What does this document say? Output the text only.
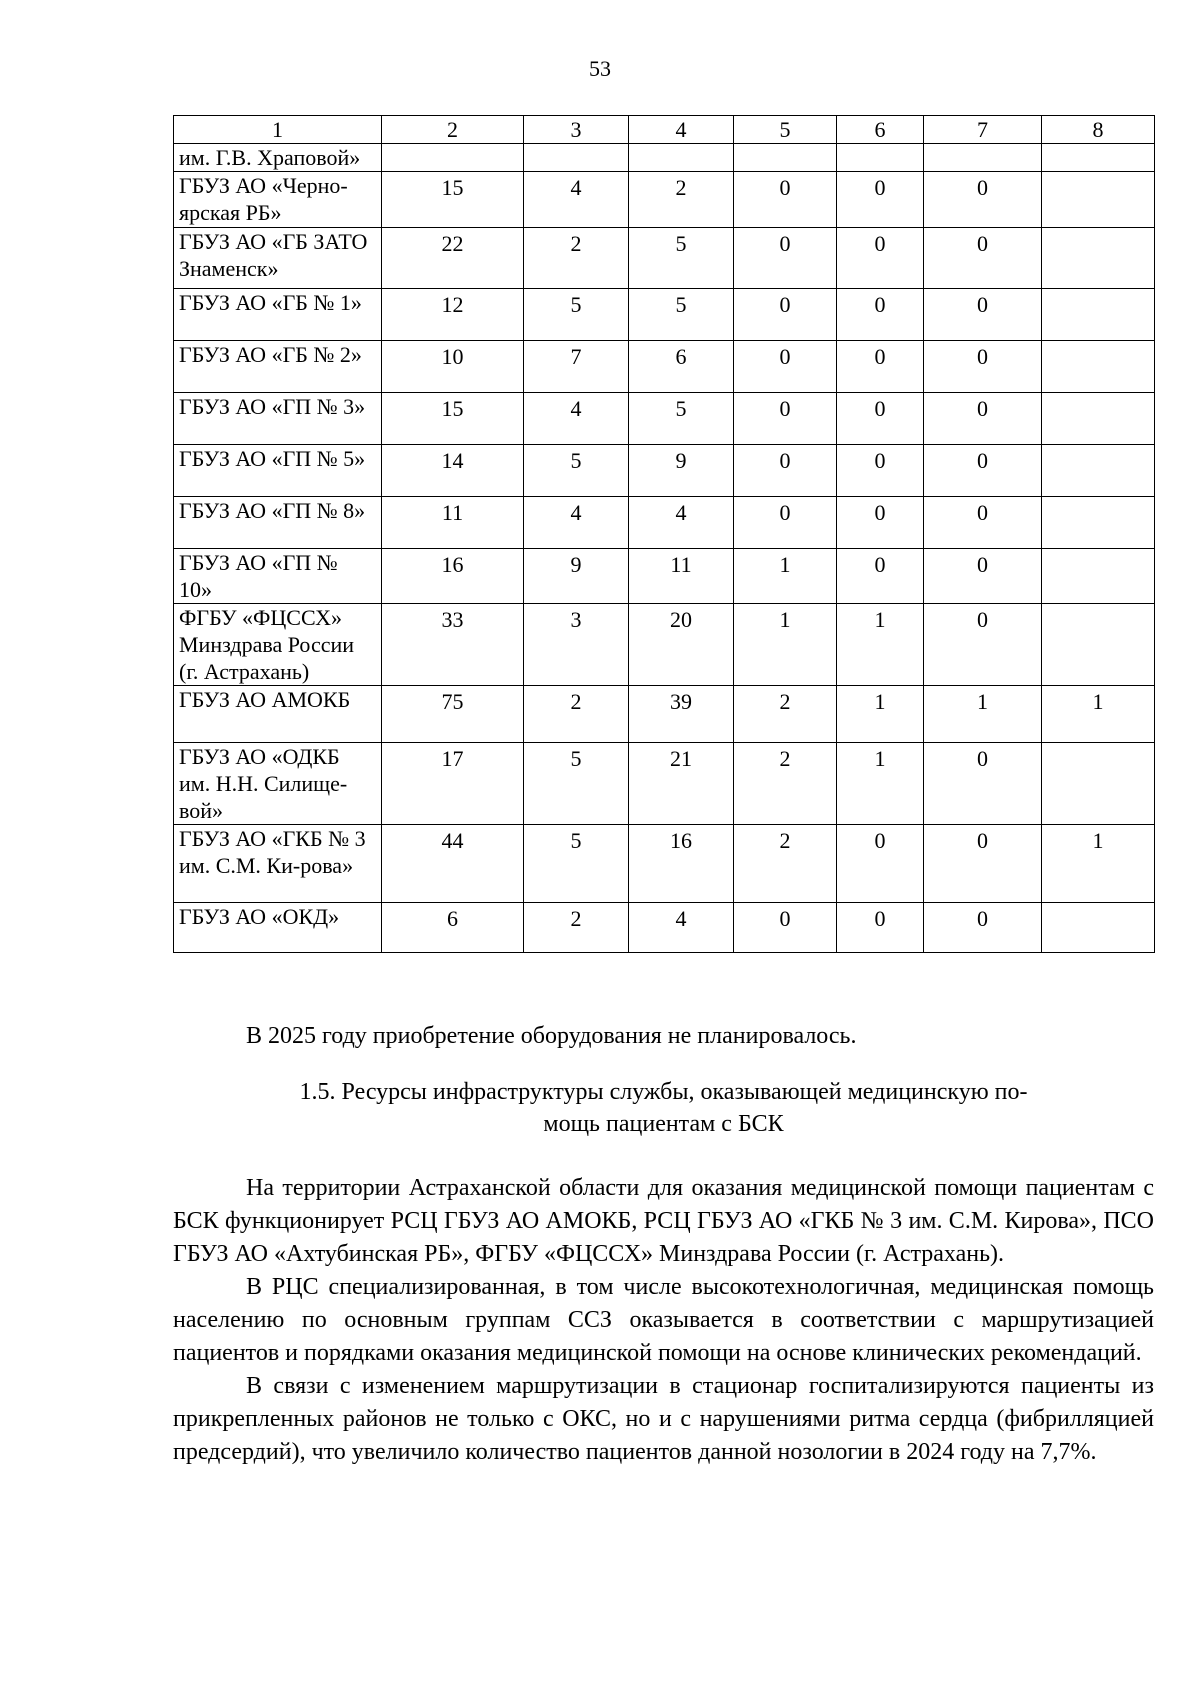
53
1	2	3	4	5	6	7	8
им. Г.В. Храповой»							
ГБУЗ АО «Черно-ярская РБ»	15	4	2	0	0	0	
ГБУЗ АО «ГБ ЗАТО Знаменск»	22	2	5	0	0	0	
ГБУЗ АО «ГБ № 1»	12	5	5	0	0	0	
ГБУЗ АО «ГБ № 2»	10	7	6	0	0	0	
ГБУЗ АО «ГП № 3»	15	4	5	0	0	0	
ГБУЗ АО «ГП № 5»	14	5	9	0	0	0	
ГБУЗ АО «ГП № 8»	11	4	4	0	0	0	
ГБУЗ АО «ГП № 10»	16	9	11	1	0	0	
ФГБУ «ФЦССХ» Минздрава России (г. Астрахань)	33	3	20	1	1	0	
ГБУЗ АО АМОКБ	75	2	39	2	1	1	1
ГБУЗ АО «ОДКБ им. Н.Н. Силище-вой»	17	5	21	2	1	0	
ГБУЗ АО «ГКБ № 3 им. С.М. Ки-рова»	44	5	16	2	0	0	1
ГБУЗ АО «ОКД»	6	2	4	0	0	0	
В 2025 году приобретение оборудования не планировалось.
1.5. Ресурсы инфраструктуры службы, оказывающей медицинскую по-
мощь пациентам с БСК
На территории Астраханской области для оказания медицинской помощи пациентам с БСК функционирует РСЦ ГБУЗ АО АМОКБ, РСЦ ГБУЗ АО «ГКБ № 3 им. С.М. Кирова», ПСО ГБУЗ АО «Ахтубинская РБ», ФГБУ «ФЦССХ» Минздрава России (г. Астрахань).
В РЦС специализированная, в том числе высокотехнологичная, медицинская помощь населению по основным группам ССЗ оказывается в соответствии с маршрутизацией пациентов и порядками оказания медицинской помощи на основе клинических рекомендаций.
В связи с изменением маршрутизации в стационар госпитализируются пациенты из прикрепленных районов не только с ОКС, но и с нарушениями ритма сердца (фибрилляцией предсердий), что увеличило количество пациентов данной нозологии в 2024 году на 7,7%.
